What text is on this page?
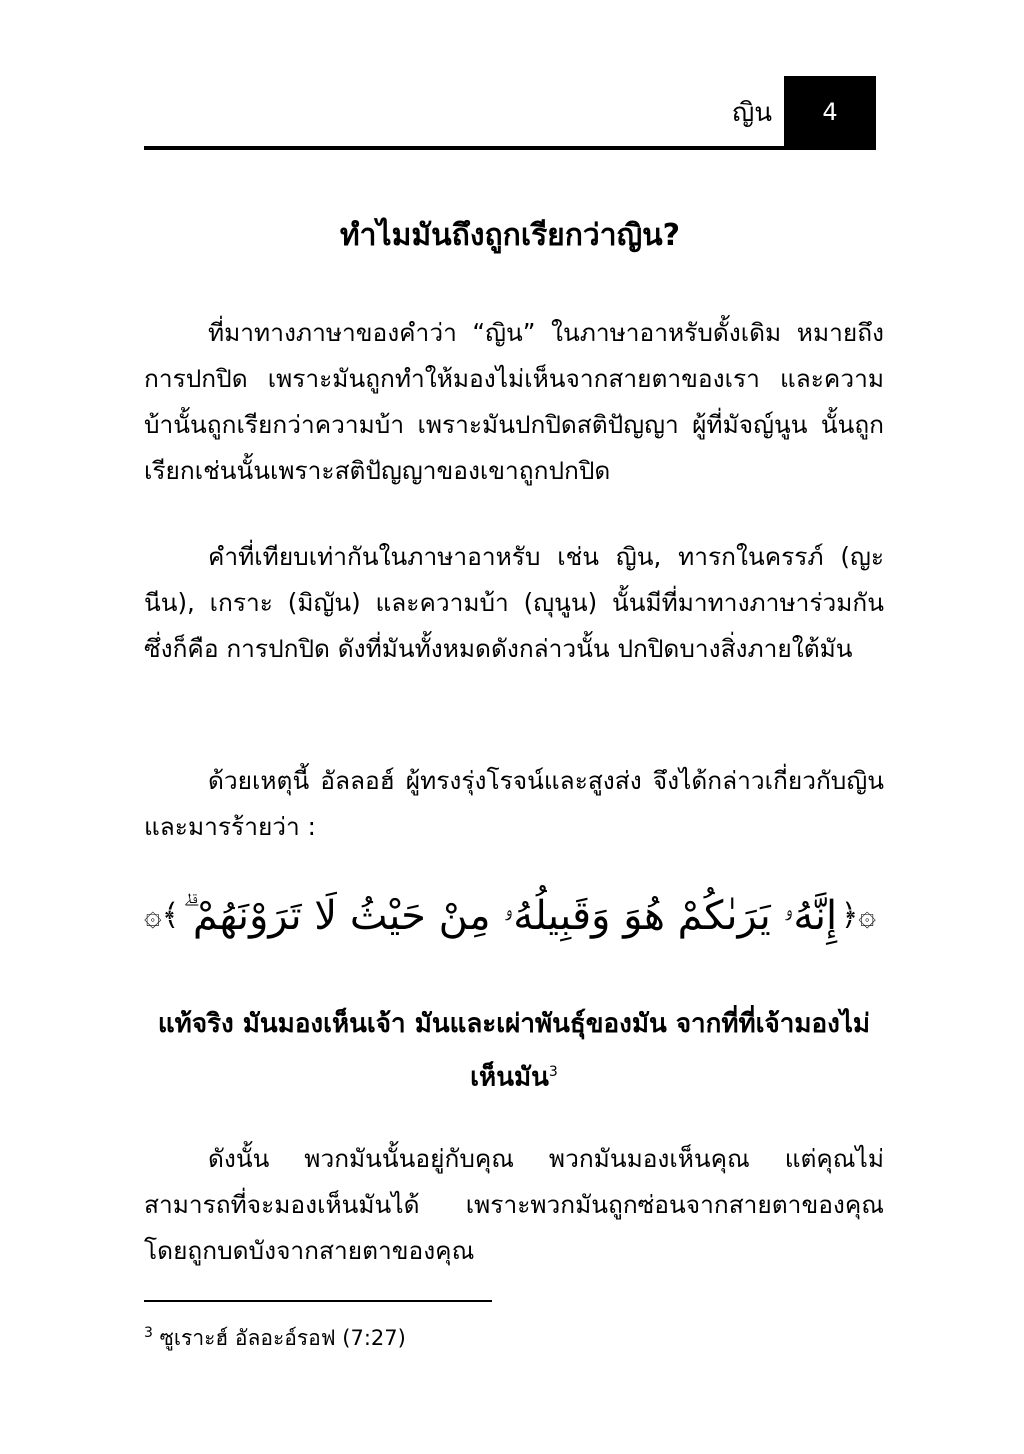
ญิน 4
ทำไมมันถึงถูกเรียกว่าญิน?

ที่มาทางภาษาของคำว่า “ญิน” ในภาษาอาหรับดั้งเดิม หมายถึง การปกปิด เพราะมันถูกทำให้มองไม่เห็นจากสายตาของเรา และความบ้านั้นถูกเรียกว่าความบ้า เพราะมันปกปิดสติปัญญา ผู้ที่มัจญ์นูน นั้นถูกเรียกเช่นนั้นเพราะสติปัญญาของเขาถูกปกปิด

คำที่เทียบเท่ากันในภาษาอาหรับ เช่น ญิน, ทารกในครรภ์ (ญะนีน), เกราะ (มิญัน) และความบ้า (ญุนูน) นั้นมีที่มาทางภาษาร่วมกัน ซึ่งก็คือ การปกปิด ดังที่มันทั้งหมดดังกล่าวนั้น ปกปิดบางสิ่งภายใต้มัน

ด้วยเหตุนี้ อัลลอฮ์ ผู้ทรงรุ่งโรจน์และสูงส่ง จึงได้กล่าวเกี่ยวกับญินและมารร้ายว่า :

۞ ﴾ إِنَّهُۥ يَرَىٰكُمْ هُوَ وَقَبِيلُهُۥ مِنْ حَيْثُ لَا تَرَوْنَهُمْ ۗ ﴿ ۞

แท้จริง มันมองเห็นเจ้า มันและเผ่าพันธุ์ของมัน จากที่ที่เจ้ามองไม่เห็นมัน$^3$

ดังนั้น พวกมันนั้นอยู่กับคุณ พวกมันมองเห็นคุณ แต่คุณไม่สามารถที่จะมองเห็นมันได้ เพราะพวกมันถูกซ่อนจากสายตาของคุณ โดยถูกบดบังจากสายตาของคุณ

$^3$ ซูเราะฮ์ อัลอะอ์รอฟ (7:27)
